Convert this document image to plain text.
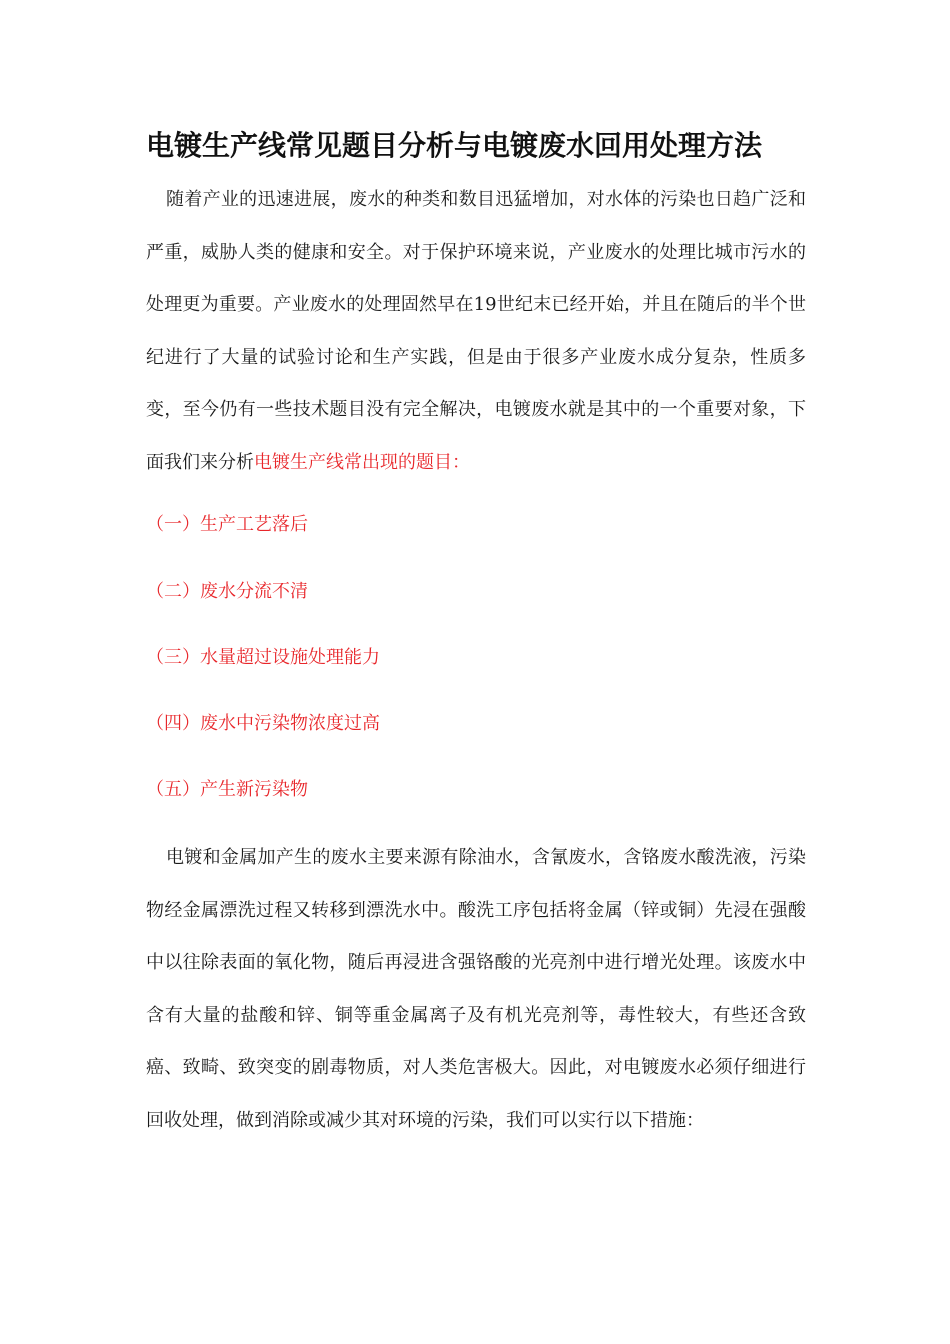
电镀生产线常见题目分析与电镀废水回用处理方法

随着产业的迅速进展，废水的种类和数目迅猛增加，对水体的污染也日趋广泛和严重，威胁人类的健康和安全。对于保护环境来说，产业废水的处理比城市污水的处理更为重要。产业废水的处理固然早在19世纪末已经开始，并且在随后的半个世纪进行了大量的试验讨论和生产实践，但是由于很多产业废水成分复杂，性质多变，至今仍有一些技术题目没有完全解决，电镀废水就是其中的一个重要对象，下面我们来分析电镀生产线常出现的题目：

（一）生产工艺落后

（二）废水分流不清

（三）水量超过设施处理能力

（四）废水中污染物浓度过高

（五）产生新污染物

电镀和金属加产生的废水主要来源有除油水，含氰废水，含铬废水酸洗液，污染物经金属漂洗过程又转移到漂洗水中。酸洗工序包括将金属（锌或铜）先浸在强酸中以往除表面的氧化物，随后再浸进含强铬酸的光亮剂中进行增光处理。该废水中含有大量的盐酸和锌、铜等重金属离子及有机光亮剂等，毒性较大，有些还含致癌、致畸、致突变的剧毒物质，对人类危害极大。因此，对电镀废水必须仔细进行回收处理，做到消除或减少其对环境的污染，我们可以实行以下措施：
